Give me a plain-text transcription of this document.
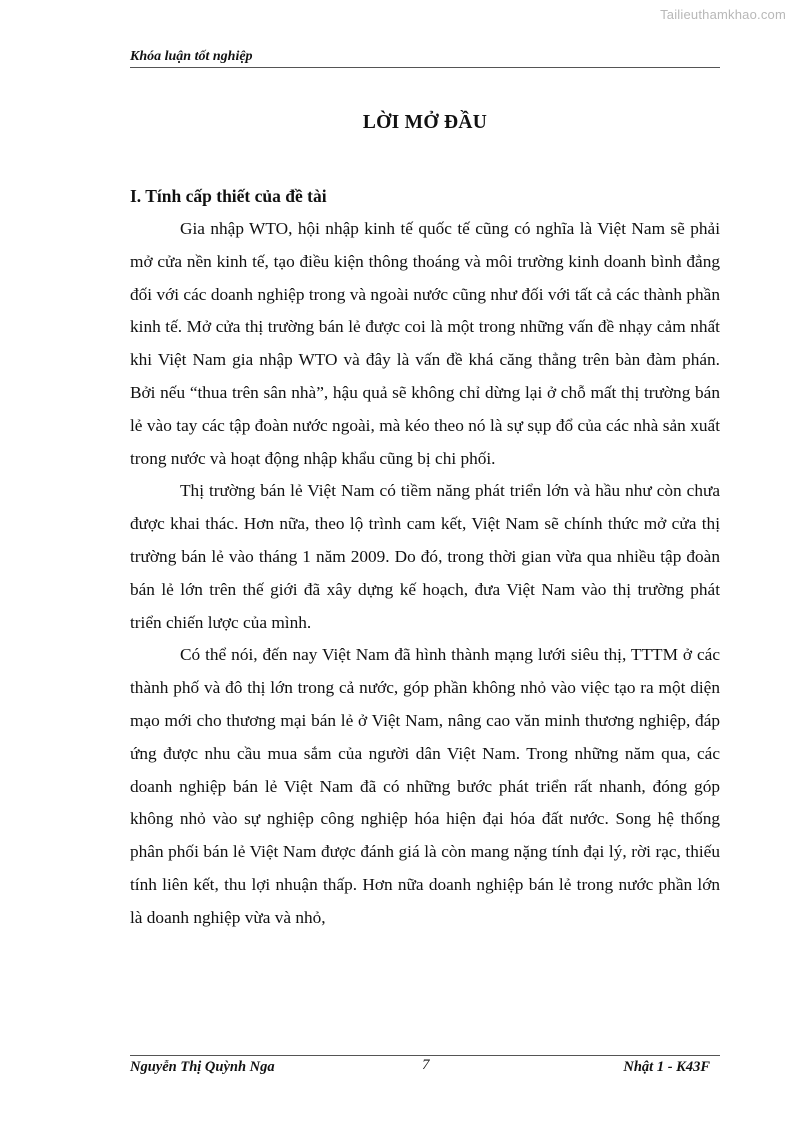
Tailieuthamkhao.com
Khóa luận tốt nghiệp
LỜI MỞ ĐẦU
I. Tính cấp thiết của đề tài

Gia nhập WTO, hội nhập kinh tế quốc tế cũng có nghĩa là Việt Nam sẽ phải mở cửa nền kinh tế, tạo điều kiện thông thoáng và môi trường kinh doanh bình đẳng đối với các doanh nghiệp trong và ngoài nước cũng như đối với tất cả các thành phần kinh tế. Mở cửa thị trường bán lẻ được coi là một trong những vấn đề nhạy cảm nhất khi Việt Nam gia nhập WTO và đây là vấn đề khá căng thẳng trên bàn đàm phán. Bởi nếu “thua trên sân nhà”, hậu quả sẽ không chỉ dừng lại ở chỗ mất thị trường bán lẻ vào tay các tập đoàn nước ngoài, mà kéo theo nó là sự sụp đổ của các nhà sản xuất trong nước và hoạt động nhập khẩu cũng bị chi phối.

Thị trường bán lẻ Việt Nam có tiềm năng phát triển lớn và hầu như còn chưa được khai thác. Hơn nữa, theo lộ trình cam kết, Việt Nam sẽ chính thức mở cửa thị trường bán lẻ vào tháng 1 năm 2009. Do đó, trong thời gian vừa qua nhiều tập đoàn bán lẻ lớn trên thế giới đã xây dựng kế hoạch, đưa Việt Nam vào thị trường phát triển chiến lược của mình.

Có thể nói, đến nay Việt Nam đã hình thành mạng lưới siêu thị, TTTM ở các thành phố và đô thị lớn trong cả nước, góp phần không nhỏ vào việc tạo ra một diện mạo mới cho thương mại bán lẻ ở Việt Nam, nâng cao văn minh thương nghiệp, đáp ứng được nhu cầu mua sắm của người dân Việt Nam. Trong những năm qua, các doanh nghiệp bán lẻ Việt Nam đã có những bước phát triển rất nhanh, đóng góp không nhỏ vào sự nghiệp công nghiệp hóa hiện đại hóa đất nước. Song hệ thống phân phối bán lẻ Việt Nam được đánh giá là còn mang nặng tính đại lý, rời rạc, thiếu tính liên kết, thu lợi nhuận thấp. Hơn nữa doanh nghiệp bán lẻ trong nước phần lớn là doanh nghiệp vừa và nhỏ,

Nguyễn Thị Quỳnh Nga	7	Nhật 1 - K43F
